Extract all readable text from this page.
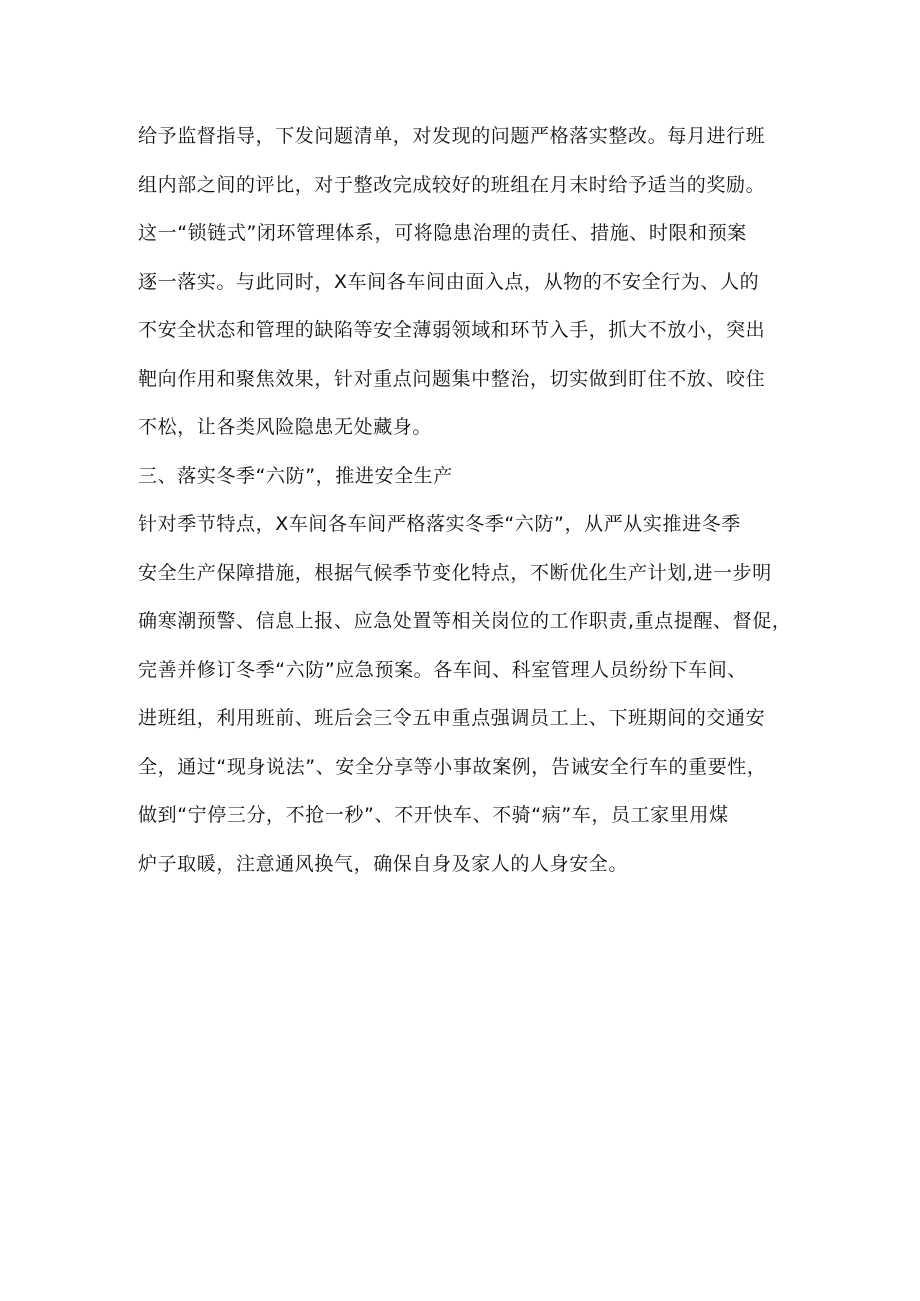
给予监督指导，下发问题清单，对发现的问题严格落实整改。每月进行班
组内部之间的评比，对于整改完成较好的班组在月末时给予适当的奖励。
这一“锁链式”闭环管理体系，可将隐患治理的责任、措施、时限和预案
逐一落实。与此同时，X车间各车间由面入点，从物的不安全行为、人的
不安全状态和管理的缺陷等安全薄弱领域和环节入手，抓大不放小，突出
靶向作用和聚焦效果，针对重点问题集中整治，切实做到盯住不放、咬住
不松，让各类风险隐患无处藏身。
三、落实冬季“六防”，推进安全生产
针对季节特点，X车间各车间严格落实冬季“六防”，从严从实推进冬季
安全生产保障措施，根据气候季节变化特点，不断优化生产计划,进一步明
确寒潮预警、信息上报、应急处置等相关岗位的工作职责,重点提醒、督促，
完善并修订冬季“六防”应急预案。各车间、科室管理人员纷纷下车间、
进班组，利用班前、班后会三令五申重点强调员工上、下班期间的交通安
全，通过“现身说法”、安全分享等小事故案例，告诫安全行车的重要性，
做到“宁停三分，不抢一秒”、不开快车、不骑“病”车，员工家里用煤
炉子取暖，注意通风换气，确保自身及家人的人身安全。
